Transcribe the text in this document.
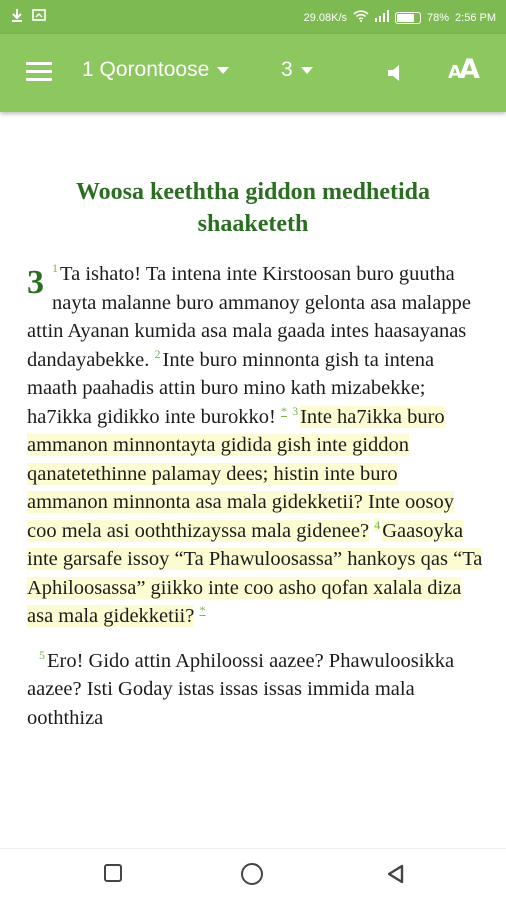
29.08K/s	78% 2:56 PM
1 Qorontoose	3	AA
Woosa keeththa giddon medhetida shaaketeth
3 $^1$Ta ishato! Ta intena inte Kirstoosan buro guutha nayta malanne buro ammanoy gelonta asa malappe attin Ayanan kumida asa mala gaada intes haasayanas dandayabekke. $^2$Inte buro minnonta gish ta intena maath paahadis attin buro mino kath mizabekke; ha7ikka gidikko inte burokko! * $^3$Inte ha7ikka buro ammanon minnontayta gidida gish inte giddon qanatetethinne palamay dees; histin inte buro ammanon minnonta asa mala gidekketii? Inte oosoy coo mela asi ooththizayssa mala gidenee? $^4$Gaasoyka inte garsafe issoy “Ta Phawuloosassa” hankoys qas “Ta Aphiloosassa” giikko inte coo asho qofan xalala diza asa mala gidekketii? *
$^5$Ero! Gido attin Aphiloossi aazee? Phawuloosikka aazee? Isti Goday istas issas issas immida mala ooththiza
